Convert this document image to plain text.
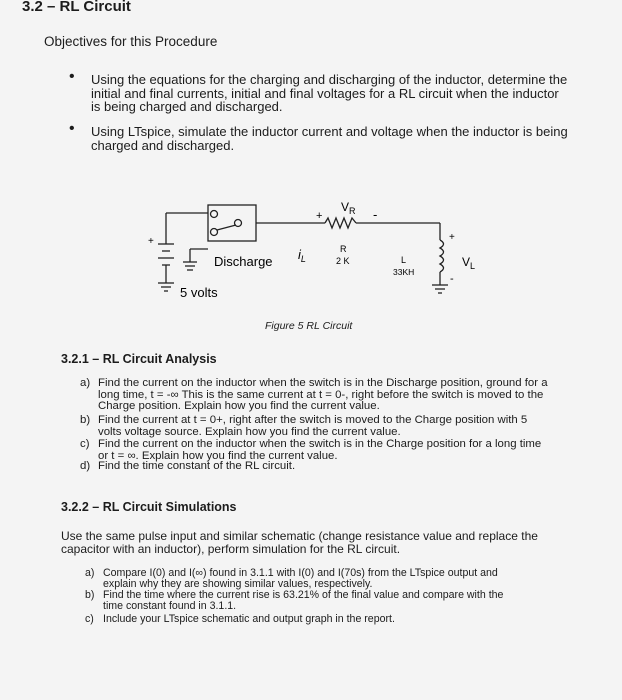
3.2 – RL Circuit
Objectives for this Procedure
• Using the equations for the charging and discharging of the inductor, determine the initial and final currents, initial and final voltages for a RL circuit when the inductor is being charged and discharged.
• Using LTspice, simulate the inductor current and voltage when the inductor is being charged and discharged.
+
+	-
$V_R$
R
2 K
$i_L$	L
33KH
+
-
$V_L$
Discharge
5 volts
Figure 5 RL Circuit
3.2.1 – RL Circuit Analysis
a) Find the current on the inductor when the switch is in the Discharge position, ground for a
long time, t = -∞ This is the same current at t = 0-, right before the switch is moved to the
Charge position. Explain how you find the current value.
b) Find the current at t = 0+, right after the switch is moved to the Charge position with 5
volts voltage source. Explain how you find the current value.
c) Find the current on the inductor when the switch is in the Charge position for a long time
or t = ∞. Explain how you find the current value.
d) Find the time constant of the RL circuit.
3.2.2 – RL Circuit Simulations
Use the same pulse input and similar schematic (change resistance value and replace the
capacitor with an inductor), perform simulation for the RL circuit.
a) Compare I(0) and I(∞) found in 3.1.1 with I(0) and I(70s) from the LTspice output and
explain why they are showing similar values, respectively.
b) Find the time where the current rise is 63.21% of the final value and compare with the
time constant found in 3.1.1.
c) Include your LTspice schematic and output graph in the report.
